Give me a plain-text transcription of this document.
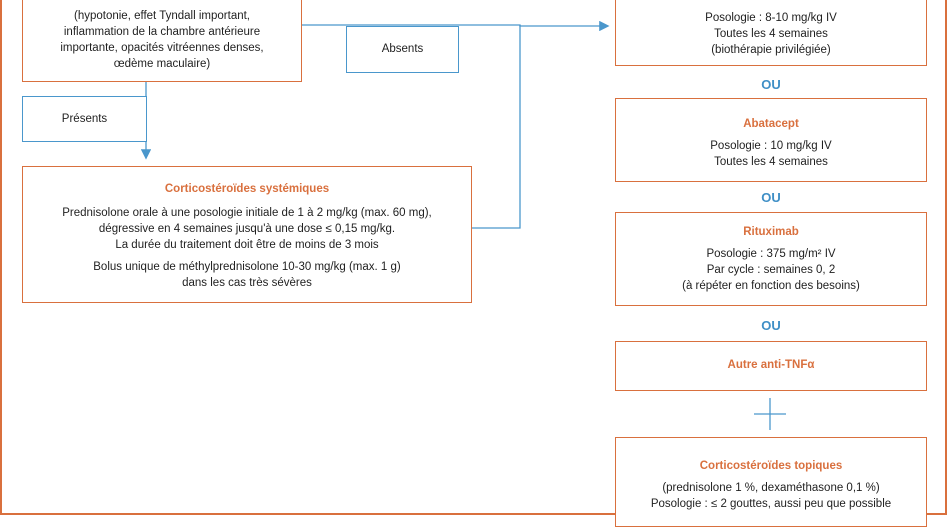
(hypotonie, effet Tyndall important,
inflammation de la chambre antérieure
importante, opacités vitréennes denses,
œdème maculaire)
Absents
Présents
Corticostéroïdes systémiques
Prednisolone orale à une posologie initiale de 1 à 2 mg/kg (max. 60 mg),
dégressive en 4 semaines jusqu'à une dose ≤ 0,15 mg/kg.
La durée du traitement doit être de moins de 3 mois
Bolus unique de méthylprednisolone 10-30 mg/kg (max. 1 g)
dans les cas très sévères
Posologie : 8-10 mg/kg IV
Toutes les 4 semaines
(biothérapie privilégiée)
OU
Abatacept
Posologie : 10 mg/kg IV
Toutes les 4 semaines
OU
Rituximab
Posologie : 375 mg/m² IV
Par cycle : semaines 0, 2
(à répéter en fonction des besoins)
OU
Autre anti-TNFα
Corticostéroïdes topiques
(prednisolone 1 %, dexaméthasone 0,1 %)
Posologie : ≤ 2 gouttes, aussi peu que possible
